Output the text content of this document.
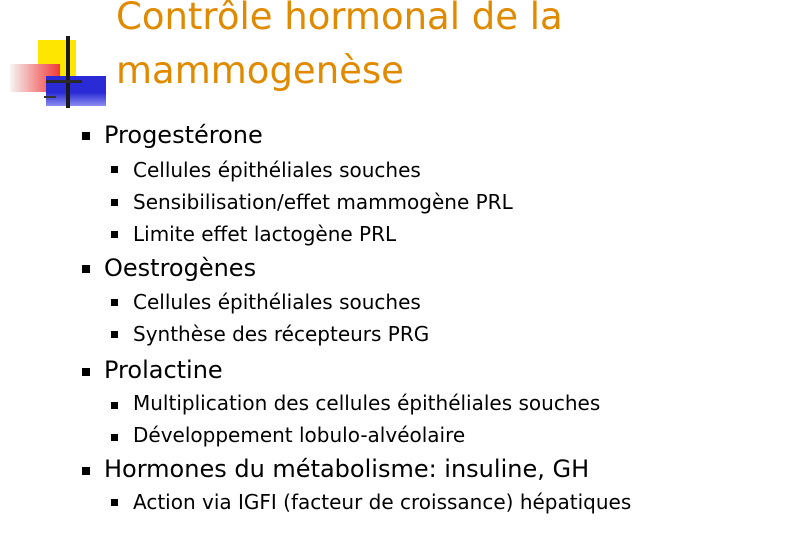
Contrôle hormonal de la
mammogenèse
Progestérone
Cellules épithéliales souches
Sensibilisation/effet mammogène PRL
Limite effet lactogène PRL
Oestrogènes
Cellules épithéliales souches
Synthèse des récepteurs PRG
Prolactine
Multiplication des cellules épithéliales souches
Développement lobulo-alvéolaire
Hormones du métabolisme: insuline, GH
Action via IGFI (facteur de croissance) hépatiques
